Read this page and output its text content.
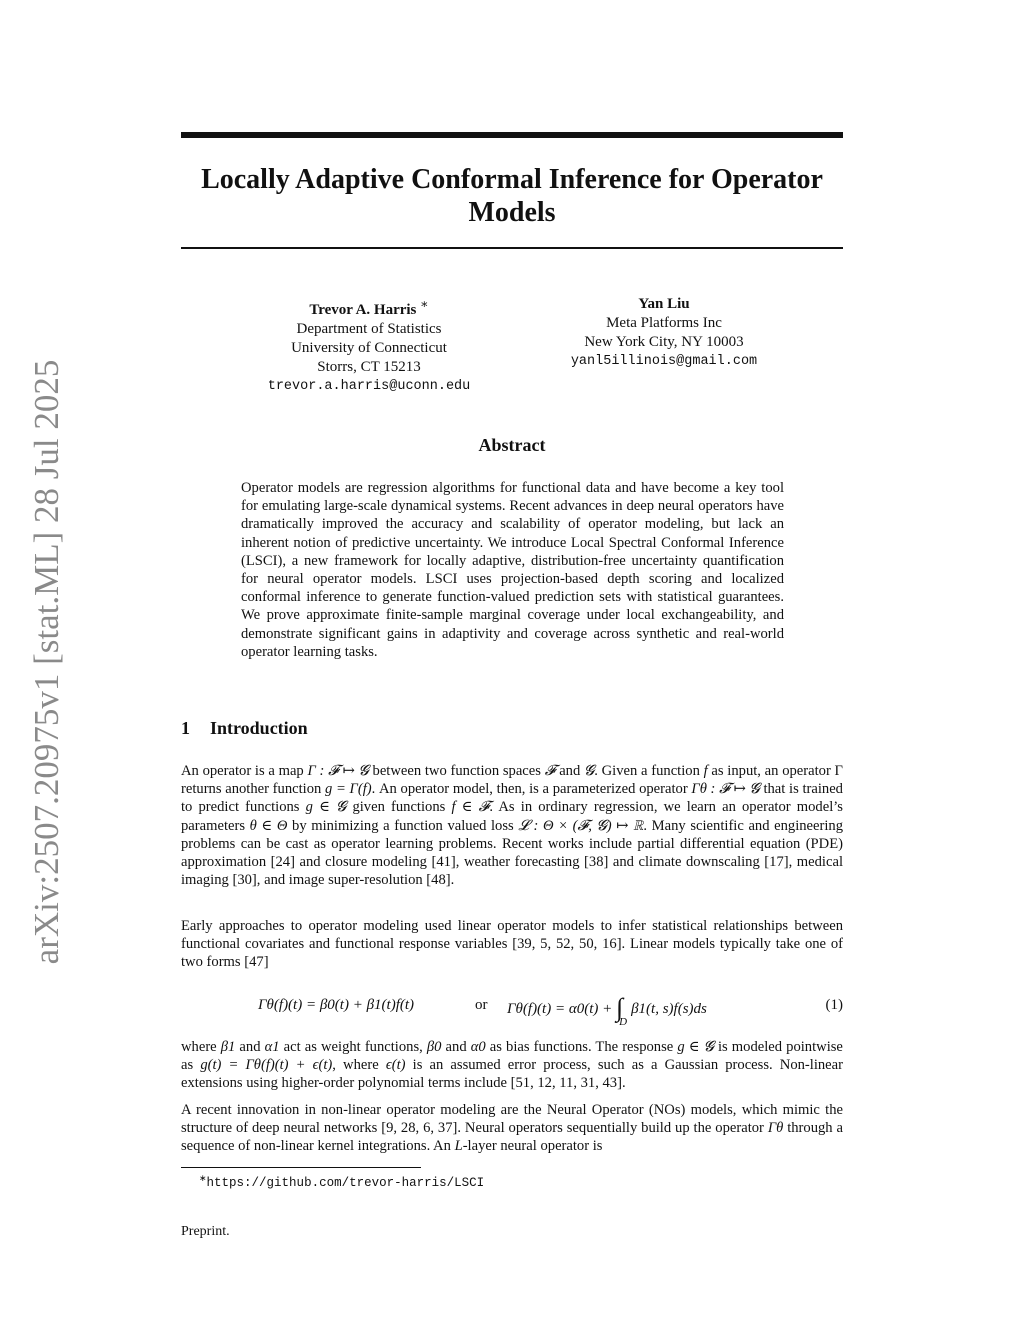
arXiv:2507.20975v1 [stat.ML] 28 Jul 2025
Locally Adaptive Conformal Inference for Operator Models
Trevor A. Harris ∗
Department of Statistics
University of Connecticut
Storrs, CT 15213
trevor.a.harris@uconn.edu
Yan Liu
Meta Platforms Inc
New York City, NY 10003
yanl5illinois@gmail.com
Abstract

Operator models are regression algorithms for functional data and have become a key tool for emulating large-scale dynamical systems. Recent advances in deep neural operators have dramatically improved the accuracy and scalability of operator modeling, but lack an inherent notion of predictive uncertainty. We introduce Local Spectral Conformal Inference (LSCI), a new framework for locally adaptive, distribution-free uncertainty quantification for neural operator models. LSCI uses projection-based depth scoring and localized conformal inference to generate function-valued prediction sets with statistical guarantees. We prove approximate finite-sample marginal coverage under local exchangeability, and demonstrate significant gains in adaptivity and coverage across synthetic and real-world operator learning tasks.

1 Introduction

An operator is a map Γ : 𝓕 ↦ 𝓖 between two function spaces 𝓕 and 𝓖. Given a function f as input, an operator Γ returns another function g = Γ(f). An operator model, then, is a parameterized operator Γθ : 𝓕 ↦ 𝓖 that is trained to predict functions g ∈ 𝓖 given functions f ∈ 𝓕. As in ordinary regression, we learn an operator model’s parameters θ ∈ Θ by minimizing a function valued loss 𝓛 : Θ × (𝓕, 𝓖) ↦ ℝ. Many scientific and engineering problems can be cast as operator learning problems. Recent works include partial differential equation (PDE) approximation [24] and closure modeling [41], weather forecasting [38] and climate downscaling [17], medical imaging [30], and image super-resolution [48].

Early approaches to operator modeling used linear operator models to infer statistical relationships between functional covariates and functional response variables [39, 5, 52, 50, 16]. Linear models typically take one of two forms [47]

Γθ(f)(t) = β0(t) + β1(t)f(t)	or $\Gamma\theta(f)(t) = \alpha 0(t) + \int_D\beta 1(t$, s)f(s)ds	(1)

where β1 and α1 act as weight functions, β0 and α0 as bias functions. The response g ∈ 𝓖 is modeled pointwise as g(t) = Γθ(f)(t) + ϵ(t), where ϵ(t) is an assumed error process, such as a Gaussian process. Non-linear extensions using higher-order polynomial terms include [51, 12, 11, 31, 43].

A recent innovation in non-linear operator modeling are the Neural Operator (NOs) models, which mimic the structure of deep neural networks [9, 28, 6, 37]. Neural operators sequentially build up the operator Γθ through a sequence of non-linear kernel integrations. An L-layer neural operator is

∗https://github.com/trevor-harris/LSCI
Preprint.
